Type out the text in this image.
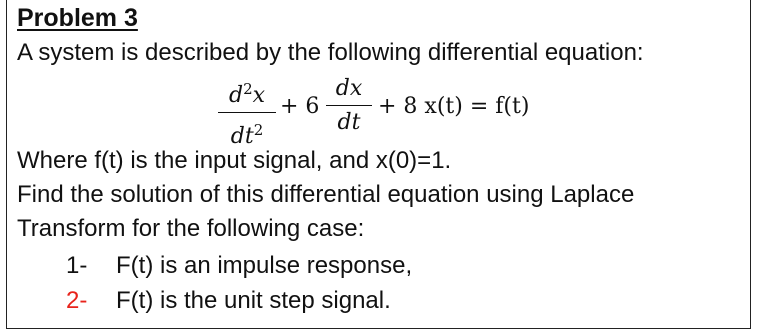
Problem 3
A system is described by the following differential equation:
$d^2x$
$dt^2$
+ 6
dx
dt
+ 8 x(t) = f(t)
Where f(t) is the input signal, and x(0)=1.
Find the solution of this differential equation using Laplace
Transform for the following case:
1- F(t) is an impulse response,
2- F(t) is the unit step signal.
